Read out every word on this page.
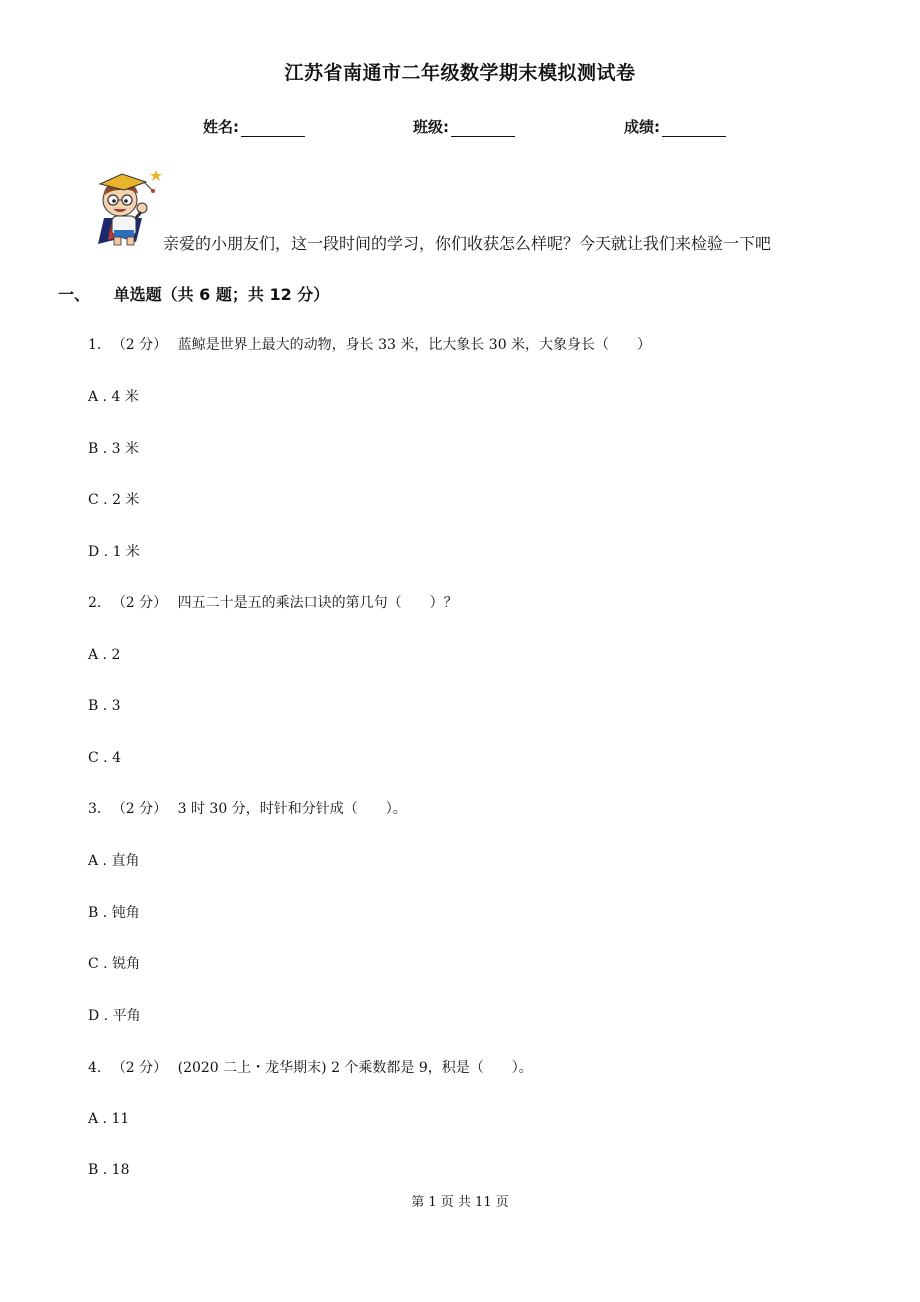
江苏省南通市二年级数学期末模拟测试卷
姓名:	班级:	成绩:
亲爱的小朋友们，这一段时间的学习，你们收获怎么样呢？今天就让我们来检验一下吧
一、 单选题（共 6 题；共 12 分）
1. （2 分） 蓝鲸是世界上最大的动物，身长 33 米，比大象长 30 米，大象身长（　　）
A . 4 米
B . 3 米
C . 2 米
D . 1 米
2. （2 分） 四五二十是五的乘法口诀的第几句（　　）？
A . 2
B . 3
C . 4
3. （2 分） 3 时 30 分，时针和分针成（　　）。
A . 直角
B . 钝角
C . 锐角
D . 平角
4. （2 分） (2020 二上・龙华期末) 2 个乘数都是 9，积是（　　）。
A . 11
B . 18
第 1 页 共 11 页
